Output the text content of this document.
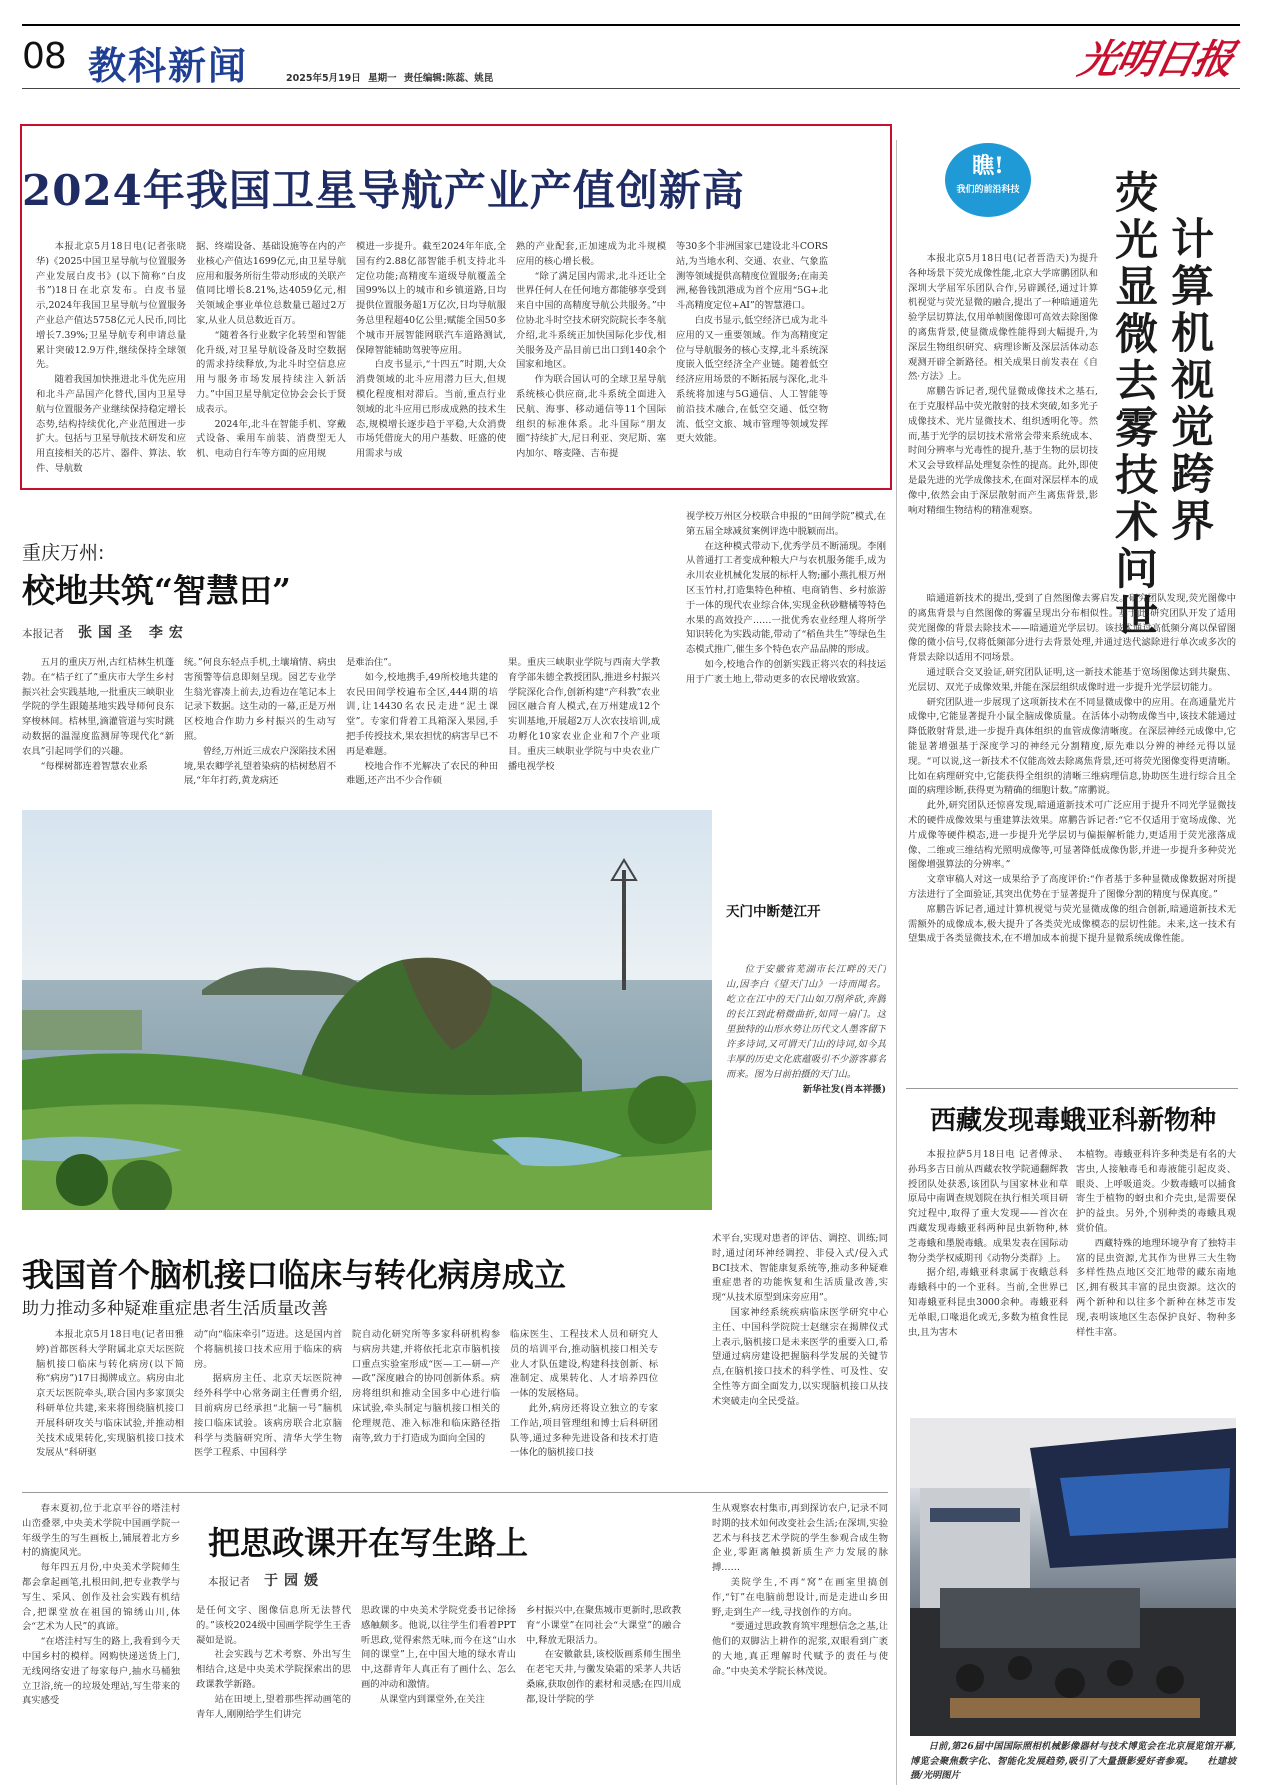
08 教科新闻	2025年5月19日 星期一 责任编辑:陈蕊、姚昆	光明日报
2024年我国卫星导航产业产值创新高

本报北京5月18日电(记者张晓华)《2025中国卫星导航与位置服务产业发展白皮书》(以下简称“白皮书”)18日在北京发布。白皮书显示,2024年我国卫星导航与位置服务产业总产值达5758亿元人民币,同比增长7.39%;卫星导航专利申请总量累计突破12.9万件,继续保持全球领先。

随着我国加快推进北斗优先应用和北斗产品国产化替代,国内卫星导航与位置服务产业继续保持稳定增长态势,结构持续优化,产业范围进一步扩大。包括与卫星导航技术研发和应用直接相关的芯片、器件、算法、软件、导航数

据、终端设备、基础设施等在内的产业核心产值达1699亿元,由卫星导航应用和服务所衍生带动形成的关联产值同比增长8.21%,达4059亿元,相关领域企事业单位总数量已超过2万家,从业人员总数近百万。

“随着各行业数字化转型和智能化升级,对卫星导航设备及时空数据的需求持续释放,为北斗时空信息应用与服务市场发展持续注入新活力。”中国卫星导航定位协会会长于贤成表示。

2024年,北斗在智能手机、穿戴式设备、乘用车前装、消费型无人机、电动自行车等方面的应用规

模进一步提升。截至2024年年底,全国有约2.88亿部智能手机支持北斗定位功能;高精度车道级导航覆盖全国99%以上的城市和乡镇道路,日均提供位置服务超1万亿次,日均导航服务总里程超40亿公里;赋能全国50多个城市开展智能网联汽车道路测试,保障智能辅助驾驶等应用。

白皮书显示,“十四五”时期,大众消费领域的北斗应用潜力巨大,但规模化程度相对滞后。当前,重点行业领域的北斗应用已形成成熟的技术生态,规模增长逐步趋于平稳,大众消费市场凭借庞大的用户基数、旺盛的使用需求与成

熟的产业配套,正加速成为北斗规模应用的核心增长极。

“除了满足国内需求,北斗还让全世界任何人在任何地方都能够享受到来自中国的高精度导航公共服务。”中位协北斗时空技术研究院院长李冬航介绍,北斗系统正加快国际化步伐,相关服务及产品目前已出口到140余个国家和地区。

作为联合国认可的全球卫星导航系统核心供应商,北斗系统全面进入民航、海事、移动通信等11个国际组织的标准体系。北斗国际“朋友圈”持续扩大,尼日利亚、突尼斯、塞内加尔、喀麦隆、吉布提

等30多个非洲国家已建设北斗CORS站,为当地水利、交通、农业、气象监测等领域提供高精度位置服务;在南美洲,秘鲁钱凯港成为首个应用“5G+北斗高精度定位+AI”的智慧港口。

白皮书显示,低空经济已成为北斗应用的又一重要领域。作为高精度定位与导航服务的核心支撑,北斗系统深度嵌入低空经济全产业链。随着低空经济应用场景的不断拓展与深化,北斗系统将加速与5G通信、人工智能等前沿技术融合,在低空交通、低空物流、低空文旅、城市管理等领域发挥更大效能。

瞧!
我们的前沿科技
计算机视觉跨界
荧光显微去雾技术问世

本报北京5月18日电(记者晋浩天)为提升各种场景下荧光成像性能,北京大学席鹏团队和深圳大学屈军乐团队合作,另辟蹊径,通过计算机视觉与荧光显微的融合,提出了一种暗通道先验学层切算法,仅用单帧图像即可高效去除图像的离焦背景,使显微成像性能得到大幅提升,为深层生物组织研究、病理诊断及深层活体动态观测开辟全新路径。相关成果日前发表在《自然·方法》上。

席鹏告诉记者,现代显微成像技术之基石,在于克服样品中荧光散射的技术突破,如多光子成像技术、光片显微技术、组织透明化等。然而,基于光学的层切技术常常会带来系统成本、时间分辨率与光毒性的提升,基于生物的层切技术又会导致样品处理复杂性的提高。此外,即使是最先进的光学成像技术,在面对深层样本的成像中,依然会由于深层散射而产生离焦背景,影响对精细生物结构的精准观察。

暗通道新技术的提出,受到了自然图像去雾启发。研究团队发现,荧光图像中的离焦背景与自然图像的雾霾呈现出分布相似性。基于此,研究团队开发了适用荧光图像的背景去除技术——暗通道光学层切。该技术通过高低频分离以保留图像的微小信号,仅将低频部分进行去背景处理,并通过迭代滤除进行单次或多次的背景去除以适用不同场景。

通过联合交叉验证,研究团队证明,这一新技术能基于宽场图像达到共聚焦、光层切、双光子成像效果,并能在深层组织成像时进一步提升光学层切能力。

研究团队进一步展现了这项新技术在不同显微成像中的应用。在高通量光片成像中,它能显著提升小鼠全脑成像质量。在活体小动物成像当中,该技术能通过降低散射背景,进一步提升真体组织的血管成像清晰度。在深层神经元成像中,它能显著增强基于深度学习的神经元分割精度,原先难以分辨的神经元得以显现。“可以说,这一新技术不仅能高效去除离焦背景,还可将荧光图像变得更清晰。比如在病理研究中,它能获得全组织的清晰三维病理信息,协助医生进行综合且全面的病理诊断,获得更为精确的细胞计数。”席鹏说。

此外,研究团队还惊喜发现,暗通道新技术可广泛应用于提升不同光学显微技术的硬件成像效果与重建算法效果。席鹏告诉记者:“它不仅适用于宽场成像、光片成像等硬件模态,进一步提升光学层切与偏振解析能力,更适用于荧光涨落成像、二维或三维结构光照明成像等,可显著降低成像伪影,并进一步提升多种荧光图像增强算法的分辨率。”

文章审稿人对这一成果给予了高度评价:“作者基于多种显微成像数据对所提方法进行了全面验证,其突出优势在于显著提升了图像分割的精度与保真度。”

席鹏告诉记者,通过计算机视觉与荧光显微成像的组合创新,暗通道新技术无需额外的成像成本,极大提升了各类荧光成像模态的层切性能。未来,这一技术有望集成于各类显微技术,在不增加成本前提下提升显微系统成像性能。

西藏发现毒蛾亚科新物种

本报拉萨5月18日电 记者傅录、孙玛多吉日前从西藏农牧学院通翻辉教授团队处获悉,该团队与国家林业和草原局中南调查规划院在执行相关项目研究过程中,取得了重大发现——首次在西藏发现毒蛾亚科两种昆虫新物种,林芝毒蛾和墨脱毒蛾。成果发表在国际动物分类学权威期刊《动物分类群》上。

据介绍,毒蛾亚科隶属于夜蛾总科毒蛾科中的一个亚科。当前,全世界已知毒蛾亚科昆虫3000余种。毒蛾亚科无单眼,口喙退化或无,多数为植食性昆虫,且为害木

本植物。毒蛾亚科许多种类是有名的大害虫,人接触毒毛和毒液能引起皮炎、眼炎、上呼吸道炎。少数毒蛾可以捕食寄生于植物的蚜虫和介壳虫,是需要保护的益虫。另外,个别种类的毒蛾具观赏价值。

西藏特殊的地理环境孕育了独特丰富的昆虫资源,尤其作为世界三大生物多样性热点地区交汇地带的藏东南地区,拥有极其丰富的昆虫资源。这次的两个新种和以往多个新种在林芝市发现,表明该地区生态保护良好、物种多样性丰富。

日前,第26届中国国际照相机械影像器材与技术博览会在北京展览馆开幕,博览会聚焦数字化、智能化发展趋势,吸引了大量摄影爱好者参观。 杜建坡摄/光明图片
重庆万州:
校地共筑“智慧田”
本报记者 张国圣 李宏

五月的重庆万州,古红桔林生机蓬勃。在“桔子红了”重庆市大学生乡村振兴社会实践基地,一批重庆三峡职业学院的学生跟随基地实践导师何良东穿梭林间。桔林里,滴灌管道与实时跳动数据的温湿度监测屏等现代化“新农具”引起同学们的兴趣。

“每棵树都连着智慧农业系

统。”何良东轻点手机,土壤墒情、病虫害预警等信息即刻呈现。园艺专业学生翁光睿凑上前去,边看边在笔记本上记录下数据。这生动的一幕,正是万州区校地合作助力乡村振兴的生动写照。

曾经,万州近三成农户深陷技术困境,果农卿学礼望着染病的桔树愁眉不展,“年年打药,黄龙病还

是难治住”。

如今,校地携手,49所校地共建的农民田间学校遍布全区,444期的培训,让14430名农民走进“泥土课堂”。专家们背着工具箱深入果园,手把手传授技术,果农担忧的病害早已不再是难题。

校地合作不光解决了农民的种田难题,还产出不少合作硕

果。重庆三峡职业学院与西南大学教育学部朱德全教授团队,推进乡村振兴学院深化合作,创新构建“产科教”农业园区融合育人模式,在万州建成12个实训基地,开展超2万人次农技培训,成功孵化10家农业企业和7个产业项目。重庆三峡职业学院与中央农业广播电视学校

视学校万州区分校联合申报的“田间学院”模式,在第五届全球减贫案例评选中脱颖而出。

在这种模式带动下,优秀学员不断涌现。李刚从普通打工者变成种粮大户与农机服务能手,成为永川农业机械化发展的标杆人物;郦小燕扎根万州区玉竹村,打造集特色种植、电商销售、乡村旅游于一体的现代农业综合体,实现金秋砂糖橘等特色水果的高效投产……一批优秀农业经理人将所学知识转化为实践动能,带动了“稻鱼共生”等绿色生态模式推广,催生多个特色农产品品牌的形成。

如今,校地合作的创新实践正将兴农的科技运用于广袤土地上,带动更多的农民增收致富。

天门中断楚江开
位于安徽省芜湖市长江畔的天门山,因李白《望天门山》一诗而闻名。屹立在江中的天门山如刀削斧砍,奔腾的长江到此稍微曲折,如同一扇门。这里独特的山形水势让历代文人墨客留下许多诗词,又可谓天门山的诗词,如今其丰厚的历史文化底蕴吸引不少游客慕名而来。图为日前拍摄的天门山。
新华社发(肖本祥摄)
我国首个脑机接口临床与转化病房成立
助力推动多种疑难重症患者生活质量改善

本报北京5月18日电(记者田雅婷)首都医科大学附属北京天坛医院脑机接口临床与转化病房(以下简称“病房”)17日揭牌成立。病房由北京天坛医院牵头,联合国内多家顶尖科研单位共建,来来将围绕脑机接口开展科研攻关与临床试验,并推动相关技术成果转化,实现脑机接口技术发展从“科研驱

动”向“临床牵引”迈进。这是国内首个将脑机接口技术应用于临床的病房。

据病房主任、北京天坛医院神经外科学中心常务副主任曹勇介绍,目前病房已经承担“北脑一号”脑机接口临床试验。该病房联合北京脑科学与类脑研究所、清华大学生物医学工程系、中国科学

院自动化研究所等多家科研机构参与病房共建,并将依托北京市脑机接口重点实验室形成“医—工—研—产—政”深度融合的协同创新体系。病房将组织和推动全国多中心进行临床试验,牵头制定与脑机接口相关的伦理规范、准入标准和临床路径指南等,致力于打造成为面向全国的

临床医生、工程技术人员和研究人员的培训平台,推动脑机接口相关专业人才队伍建设,构建科技创新、标准制定、成果转化、人才培养四位一体的发展格局。

此外,病房还将设立独立的专家工作站,项目管理组和博士后科研团队等,通过多种先进设备和技术打造一体化的脑机接口技

术平台,实现对患者的评估、调控、训练;同时,通过闭环神经调控、非侵入式/侵入式BCI技术、智能康复系统等,推动多种疑难重症患者的功能恢复和生活质量改善,实现“从技术原型到床旁应用”。

国家神经系统疾病临床医学研究中心主任、中国科学院院士赵继宗在揭牌仪式上表示,脑机接口是未来医学的重要入口,希望通过病房建设把握脑科学发展的关键节点,在脑机接口技术的科学性、可及性、安全性等方面全面发力,以实现脑机接口从技术突破走向全民受益。

春末夏初,位于北京平谷的塔洼村山峦叠翠,中央美术学院中国画学院一年级学生的写生画板上,铺展着北方乡村的旖旎风光。

每年四五月份,中央美术学院师生都会拿起画笔,扎根田间,把专业教学与写生、采风、创作及社会实践有机结合,把课堂放在祖国的锦绣山川,体会“艺术为人民”的真谛。

“在塔洼村写生的路上,我看到今天中国乡村的模样。网购快递送货上门,无线网络安进了每家每户,抽水马桶独立卫浴,统一的垃圾处理站,写生带来的真实感受

把思政课开在写生路上
本报记者 于园媛

是任何文字、图像信息所无法替代的。”该校2024级中国画学院学生王香凝如是说。

社会实践与艺术考察、外出写生相结合,这是中央美术学院探索出的思政课教学新路。

站在田埂上,望着那些挥动画笔的青年人,刚刚给学生们讲完

思政课的中央美术学院党委书记徐扬感触颇多。他说,以往学生们看着PPT听思政,觉得索然无味,而今在这“山水间的课堂”上,在中国大地的绿水青山中,这群青年人真正有了画什么、怎么画的冲动和激情。

从课堂内到课堂外,在关注

乡村振兴中,在聚焦城市更新时,思政教育“小课堂”在同社会“大课堂”的融合中,释放无限活力。

在安徽歙县,该校版画系师生围坐在老宅天井,与黴发染霜的采茅人共话桑麻,获取创作的素材和灵感;在四川成都,设计学院的学

生从观察农村集市,再到探访农户,记录不同时期的技术如何改变社会生活;在深圳,实验艺术与科技艺术学院的学生参观合成生物企业,零距离触摸新质生产力发展的脉搏……

美院学生,不再“窝”在画室里搞创作,“钉”在电脑前想设计,而是走进山乡田野,走到生产一线,寻找创作的方向。

“要通过思政教育筑牢理想信念之基,让他们的双脚沾上耕作的泥浆,双眼看到广袤的大地,真正理解时代赋予的责任与使命。”中央美术学院长林茂说。
